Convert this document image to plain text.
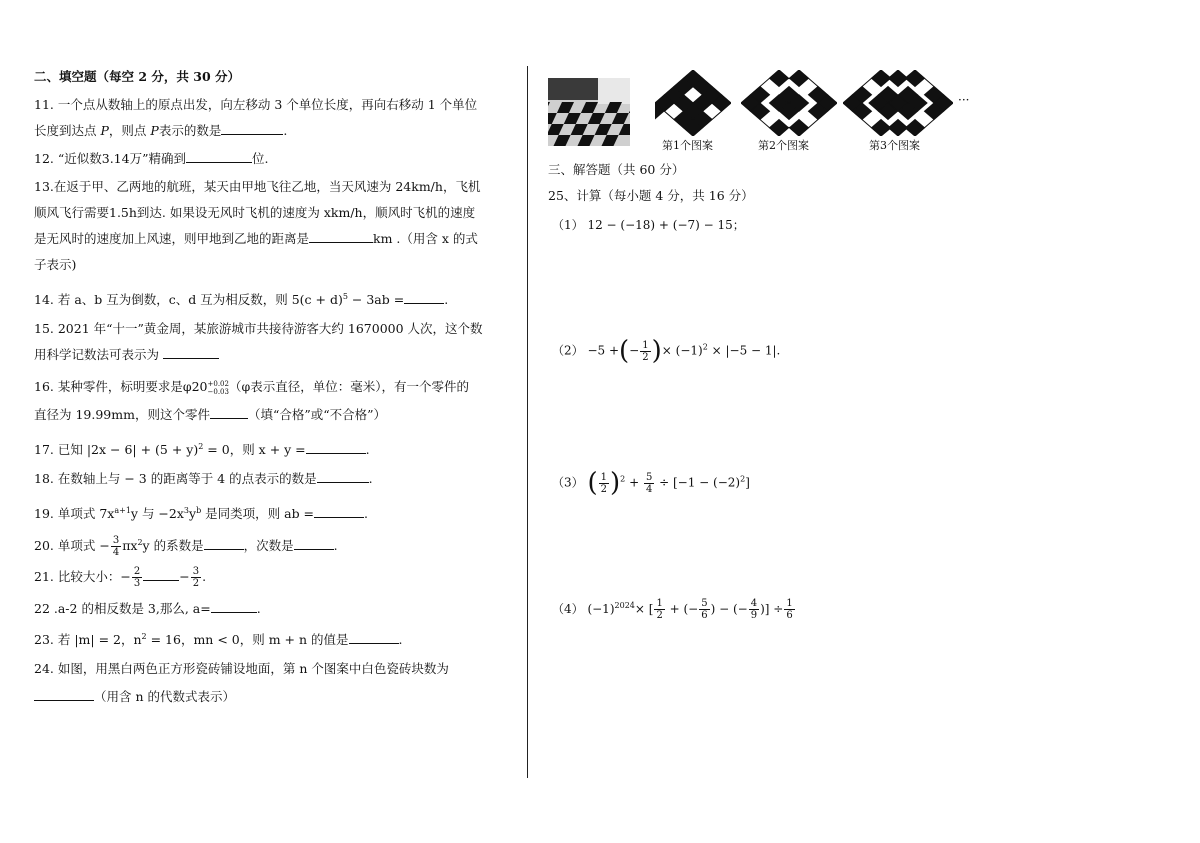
二、填空题（每空 2 分，共 30 分）
11. 一个点从数轴上的原点出发，向左移动 3 个单位长度，再向右移动 1 个单位
长度到达点 P，则点 P表示的数是	.
12. “近似数3.14万”精确到	位.
13.在返于甲、乙两地的航班，某天由甲地飞往乙地，当天风速为 24km/h，飞机
顺风飞行需要1.5h到达. 如果设无风时飞机的速度为 xkm/h，顺风时飞机的速度
是无风时的速度加上风速，则甲地到乙地的距离是	km .（用含 x 的式
子表示)
14. 若 a、b 互为倒数，c、d 互为相反数，则 $5(c + d)^5 - 3ab$ =	.
15. 2021 年“十一”黄金周，某旅游城市共接待游客大约 1670000 人次，这个数
用科学记数法可表示为
16. 某种零件，标明要求是φ20 +0.02
−0.03 （φ表示直径，单位：毫米），有一个零件的
直径为 19.99mm，则这个零件	（填“合格”或“不合格”）
17. 已知 $|2x - 6| + (5 + y)^2 = 0$，则 x + y =	.
18. 在数轴上与 − 3 的距离等于 4 的点表示的数是	.
19. 单项式 $7x^{a+1}y$ 与 $-2x^3y^b$ 是同类项，则 ab =	.
20. 单项式 − $\frac{3}{4} \pi x^2y$ 的系数是	，次数是	.
21. 比较大小：− $\frac{2}{3}$	− $\frac{3}{2}$ .
22 .a-2 的相反数是 3,那么, a=	.
23. 若 |m| = 2，$n^2 = 16$，mn < 0，则 m + n 的值是	.
24. 如图，用黑白两色正方形瓷砖铺设地面，第 n 个图案中白色瓷砖块数为
（用含 n 的代数式表示）
第1个图案	第2个图案	第3个图案
···
三、解答题（共 60 分）
25、计算（每小题 4 分，共 16 分）
（1） 12 − (−18) + (−7) − 15；
（2） −5 +(− $\frac{1}{2}$ )× $(-1)^2 \times |-5 - 1|$.
（3） ( $\frac{1}{2} )^2 + \frac{5}{4} \div [-1 - (-2)^2]$
（4） $(-1)^{2024}\times$ [ $\frac{1}{2}$ + (− $\frac{5}{6}$ ) − (− $\frac{4}{9}$ )] ÷ $\frac{1}{6}$
